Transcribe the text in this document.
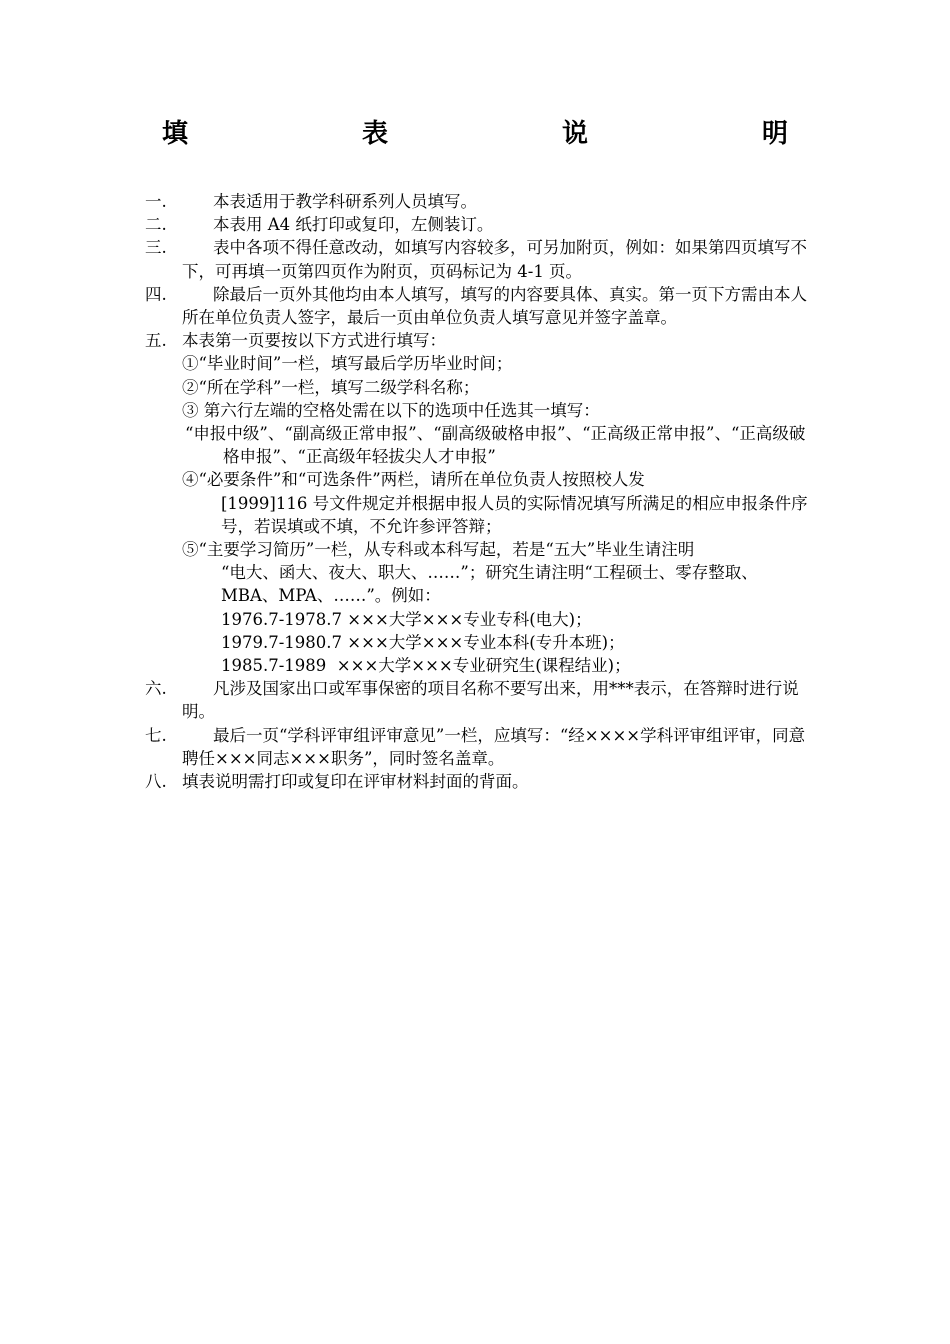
填　表　说　明
一.	本表适用于教学科研系列人员填写。
二.	本表用 A4 纸打印或复印，左侧装订。
三.	表中各项不得任意改动，如填写内容较多，可另加附页，例如：如果第四页填写不下，可再填一页第四页作为附页，页码标记为 4-1 页。
四.	除最后一页外其他均由本人填写，填写的内容要具体、真实。第一页下方需由本人所在单位负责人签字，最后一页由单位负责人填写意见并签字盖章。
五. 本表第一页要按以下方式进行填写：
①“毕业时间”一栏，填写最后学历毕业时间；
②“所在学科”一栏，填写二级学科名称；
③ 第六行左端的空格处需在以下的选项中任选其一填写：
“申报中级”、“副高级正常申报”、“副高级破格申报”、“正高级正常申报”、“正高级破格申报”、“正高级年轻拔尖人才申报”
④“必要条件”和“可选条件”两栏，请所在单位负责人按照校人发
[1999]116 号文件规定并根据申报人员的实际情况填写所满足的相应申报条件序号，若误填或不填，不允许参评答辩；
⑤“主要学习简历”一栏，从专科或本科写起，若是“五大”毕业生请注明
“电大、函大、夜大、职大、……”；研究生请注明“工程硕士、零存整取、MBA、MPA、……”。例如：
1976.7-1978.7 ×××大学×××专业专科(电大)；
1979.7-1980.7 ×××大学×××专业本科(专升本班)；
1985.7-1989  ×××大学×××专业研究生(课程结业)；
六.	凡涉及国家出口或军事保密的项目名称不要写出来，用***表示，在答辩时进行说明。
七.	最后一页“学科评审组评审意见”一栏，应填写：“经××××学科评审组评审，同意聘任×××同志×××职务”，同时签名盖章。
八. 填表说明需打印或复印在评审材料封面的背面。
